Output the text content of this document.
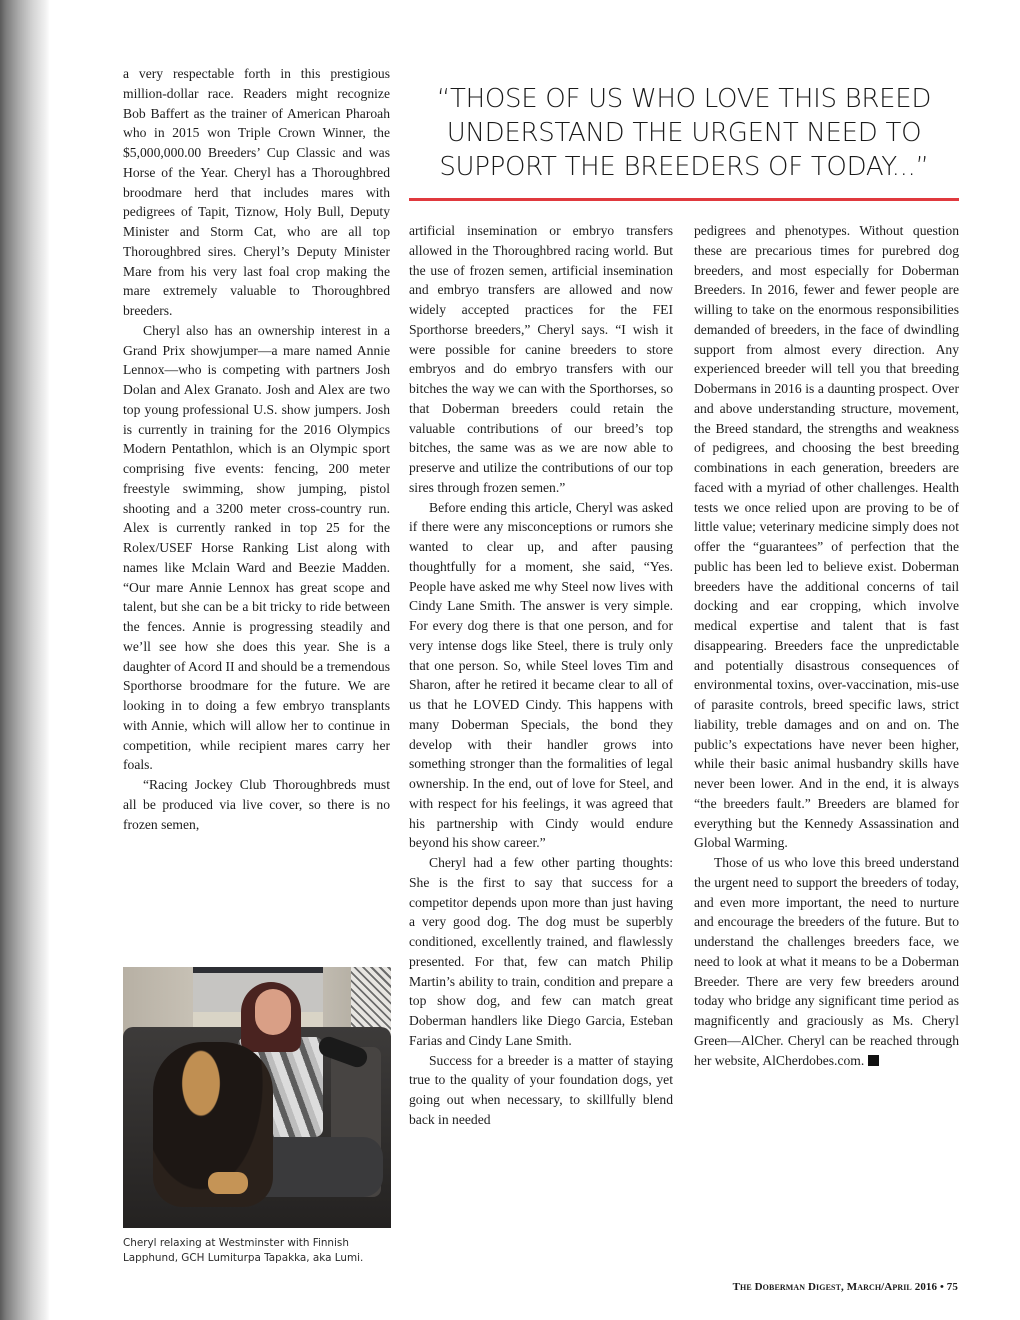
a very respectable forth in this prestigious million-dollar race. Readers might recognize Bob Baffert as the trainer of American Pharoah who in 2015 won Triple Crown Winner, the $5,000,000.00 Breeders’ Cup Classic and was Horse of the Year. Cheryl has a Thoroughbred broodmare herd that includes mares with pedigrees of Tapit, Tiznow, Holy Bull, Deputy Minister and Storm Cat, who are all top Thoroughbred sires. Cheryl’s Deputy Minister Mare from his very last foal crop making the mare extremely valuable to Thoroughbred breeders.

Cheryl also has an ownership interest in a Grand Prix showjumper—a mare named Annie Lennox—who is competing with partners Josh Dolan and Alex Granato. Josh and Alex are two top young professional U.S. show jumpers. Josh is currently in training for the 2016 Olympics Modern Pentathlon, which is an Olympic sport comprising five events: fencing, 200 meter freestyle swimming, show jumping, pistol shooting and a 3200 meter cross-country run. Alex is currently ranked in top 25 for the Rolex/USEF Horse Ranking List along with names like Mclain Ward and Beezie Madden. “Our mare Annie Lennox has great scope and talent, but she can be a bit tricky to ride between the fences. Annie is progressing steadily and we’ll see how she does this year. She is a daughter of Acord II and should be a tremendous Sporthorse broodmare for the future. We are looking in to doing a few embryo transplants with Annie, which will allow her to continue in competition, while recipient mares carry her foals.

“Racing Jockey Club Thoroughbreds must all be produced via live cover, so there is no frozen semen,

“THOSE OF US WHO LOVE THIS BREED
UNDERSTAND THE URGENT NEED TO
SUPPORT THE BREEDERS OF TODAY...”

artificial insemination or embryo transfers allowed in the Thoroughbred racing world. But the use of frozen semen, artificial insemination and embryo transfers are allowed and now widely accepted practices for the FEI Sporthorse breeders,” Cheryl says. “I wish it were possible for canine breeders to store embryos and do embryo transfers with our bitches the way we can with the Sporthorses, so that Doberman breeders could retain the valuable contributions of our breed’s top bitches, the same was as we are now able to preserve and utilize the contributions of our top sires through frozen semen.”

Before ending this article, Cheryl was asked if there were any misconceptions or rumors she wanted to clear up, and after pausing thoughtfully for a moment, she said, “Yes. People have asked me why Steel now lives with Cindy Lane Smith. The answer is very simple. For every dog there is that one person, and for very intense dogs like Steel, there is truly only that one person. So, while Steel loves Tim and Sharon, after he retired it became clear to all of us that he LOVED Cindy. This happens with many Doberman Specials, the bond they develop with their handler grows into something stronger than the formalities of legal ownership. In the end, out of love for Steel, and with respect for his feelings, it was agreed that his partnership with Cindy would endure beyond his show career.”

Cheryl had a few other parting thoughts: She is the first to say that success for a competitor depends upon more than just having a very good dog. The dog must be superbly conditioned, excellently trained, and flawlessly presented. For that, few can match Philip Martin’s ability to train, condition and prepare a top show dog, and few can match great Doberman handlers like Diego Garcia, Esteban Farias and Cindy Lane Smith.

Success for a breeder is a matter of staying true to the quality of your foundation dogs, yet going out when necessary, to skillfully blend back in needed

pedigrees and phenotypes. Without question these are precarious times for purebred dog breeders, and most especially for Doberman Breeders. In 2016, fewer and fewer people are willing to take on the enormous responsibilities demanded of breeders, in the face of dwindling support from almost every direction. Any experienced breeder will tell you that breeding Dobermans in 2016 is a daunting prospect. Over and above understanding structure, movement, the Breed standard, the strengths and weakness of pedigrees, and choosing the best breeding combinations in each generation, breeders are faced with a myriad of other challenges. Health tests we once relied upon are proving to be of little value; veterinary medicine simply does not offer the “guarantees” of perfection that the public has been led to believe exist. Doberman breeders have the additional concerns of tail docking and ear cropping, which involve medical expertise and talent that is fast disappearing. Breeders face the unpredictable and potentially disastrous consequences of environmental toxins, over-vaccination, mis-use of parasite controls, breed specific laws, strict liability, treble damages and on and on. The public’s expectations have never been higher, while their basic animal husbandry skills have never been lower. And in the end, it is always “the breeders fault.” Breeders are blamed for everything but the Kennedy Assassination and Global Warming.

Those of us who love this breed understand the urgent need to support the breeders of today, and even more important, the need to nurture and encourage the breeders of the future. But to understand the challenges breeders face, we need to look at what it means to be a Doberman Breeder. There are very few breeders around today who bridge any significant time period as magnificently and graciously as Ms. Cheryl Green—AlCher. Cheryl can be reached through her website, AlCherdobes.com.

Cheryl relaxing at Westminster with Finnish Lapphund, GCH Lumiturpa Tapakka, aka Lumi.
The Doberman Digest, March/April 2016 • 75
